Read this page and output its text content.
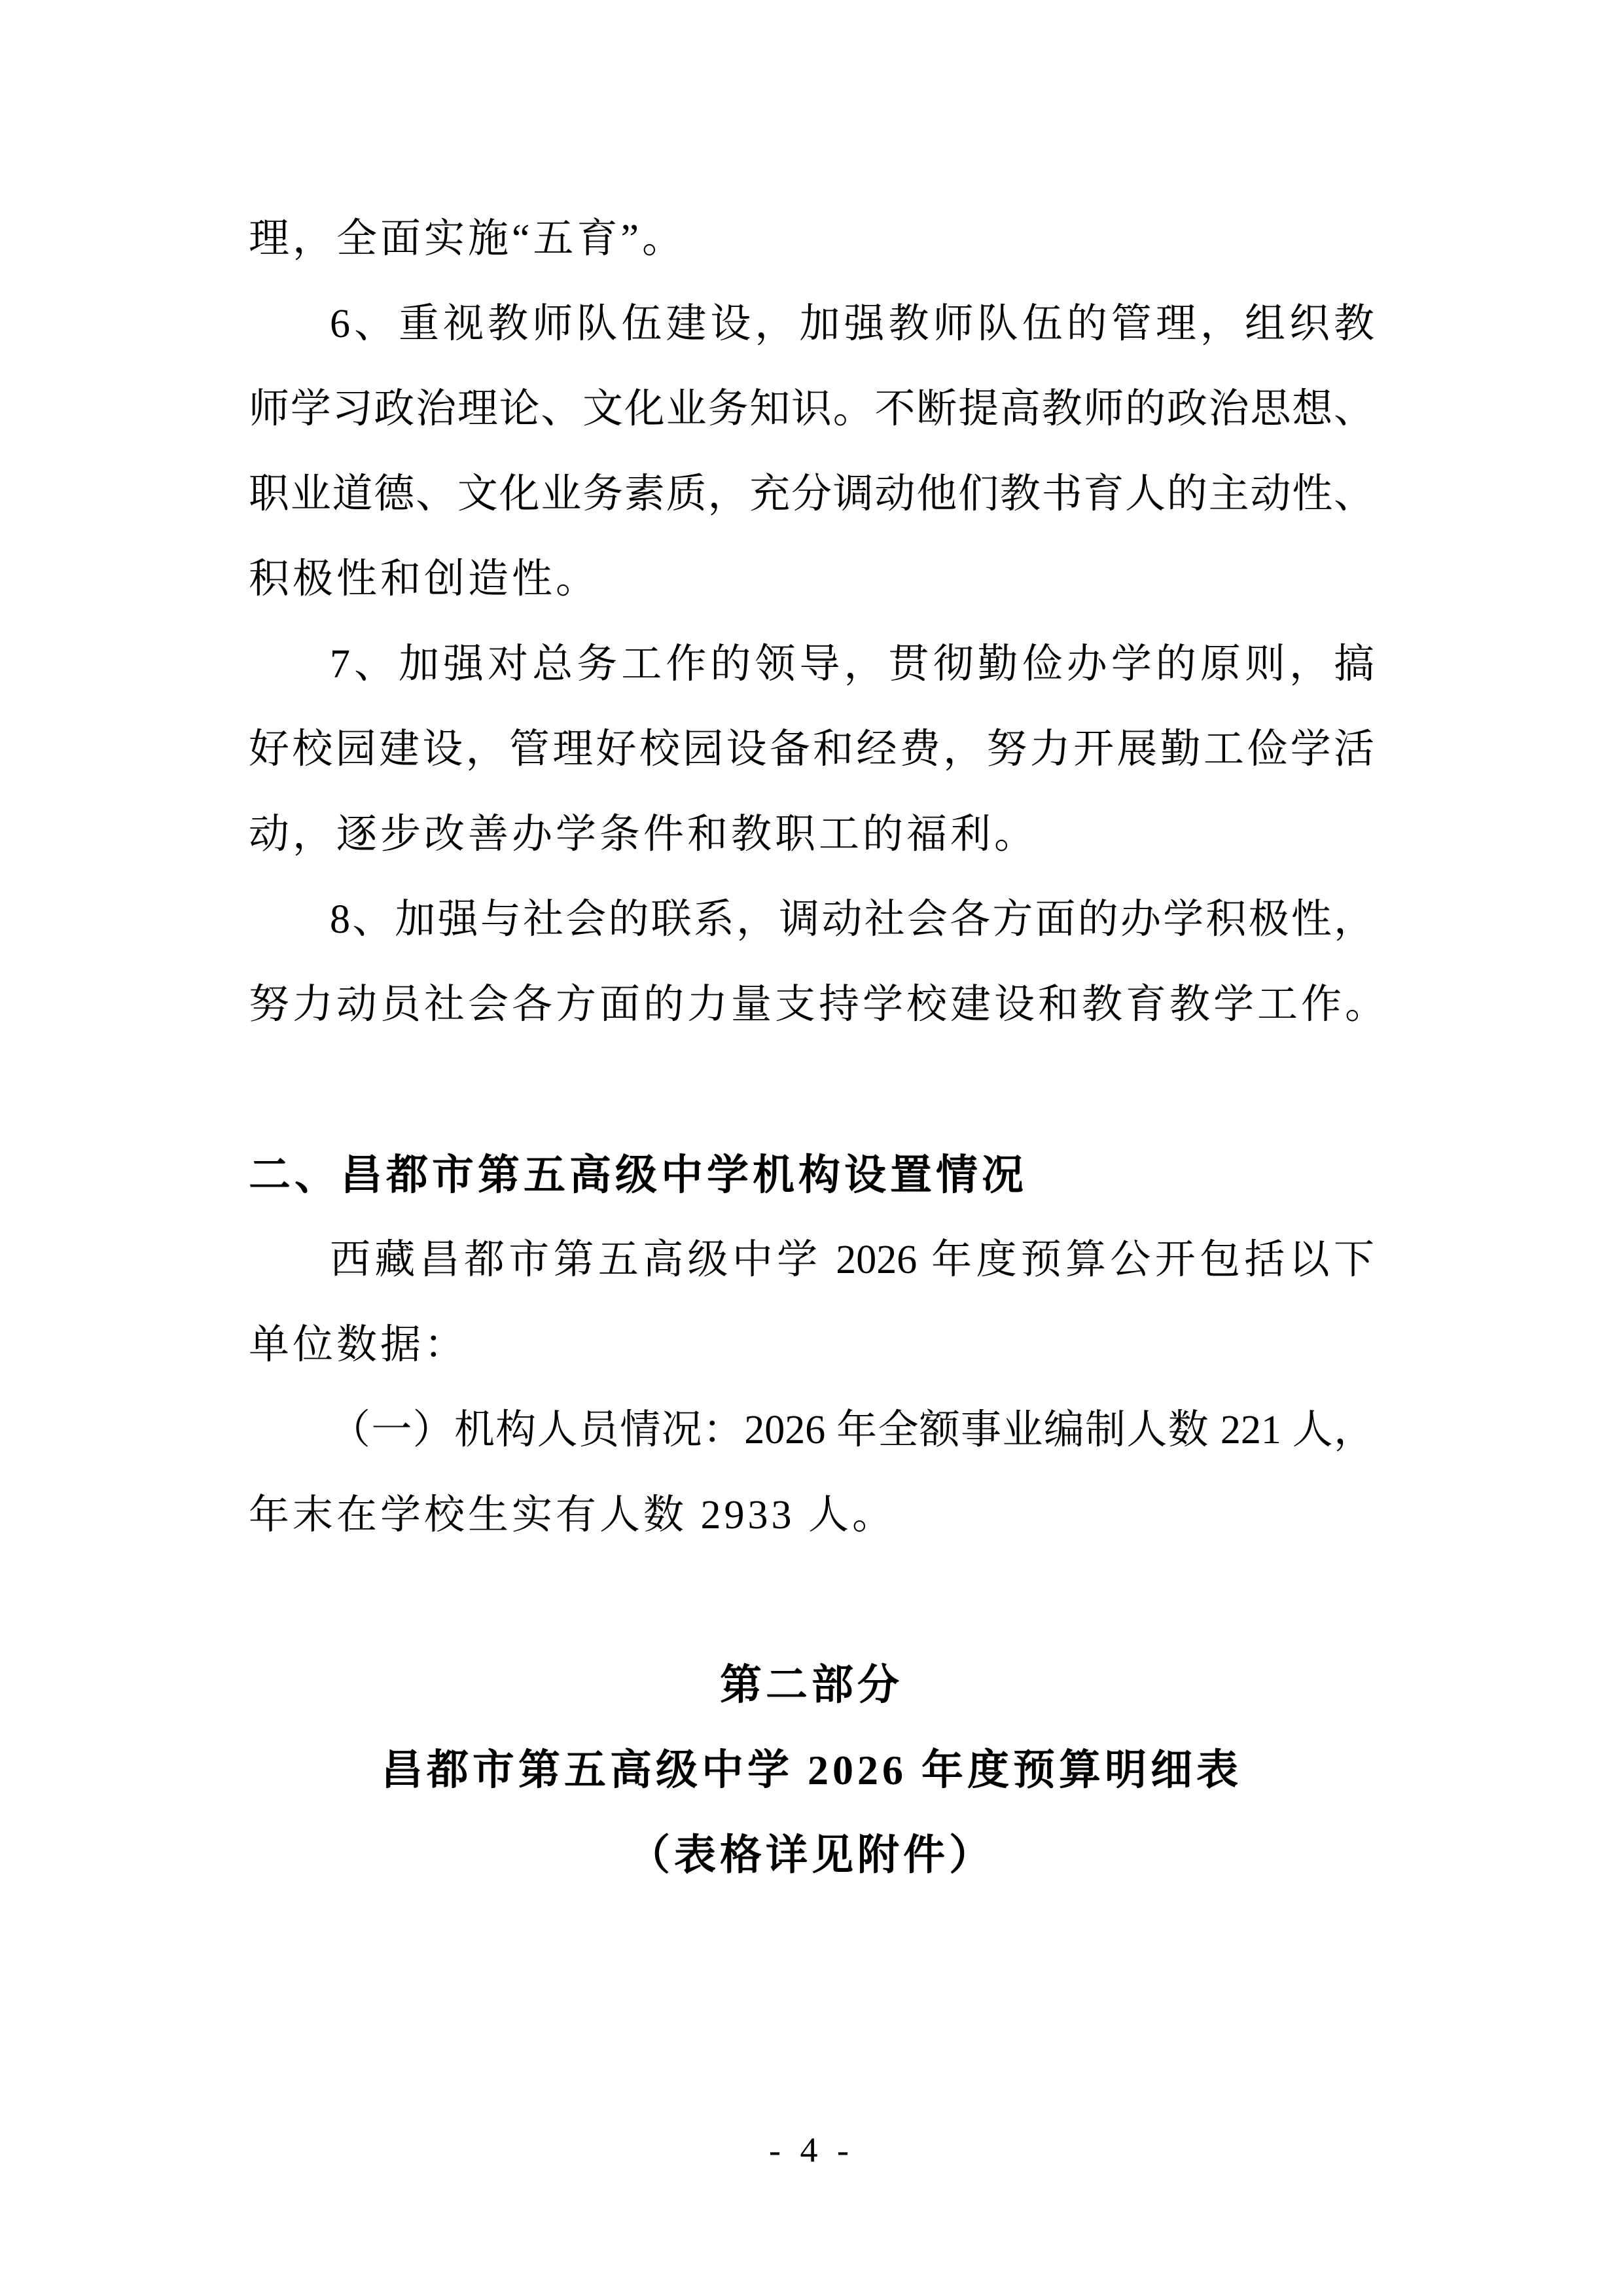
理，全面实施“五育”。

6、重视教师队伍建设，加强教师队伍的管理，组织教

师学习政治理论、文化业务知识。不断提高教师的政治思想、

职业道德、文化业务素质，充分调动他们教书育人的主动性、

积极性和创造性。

7、加强对总务工作的领导，贯彻勤俭办学的原则，搞

好校园建设，管理好校园设备和经费，努力开展勤工俭学活

动，逐步改善办学条件和教职工的福利。

8、加强与社会的联系，调动社会各方面的办学积极性，

努力动员社会各方面的力量支持学校建设和教育教学工作。

二、昌都市第五高级中学机构设置情况

西藏昌都市第五高级中学 2026 年度预算公开包括以下

单位数据：

（一）机构人员情况：2026 年全额事业编制人数 221 人，

年末在学校生实有人数 2933 人。

第二部分
昌都市第五高级中学 2026 年度预算明细表
（表格详见附件）
- 4 -
